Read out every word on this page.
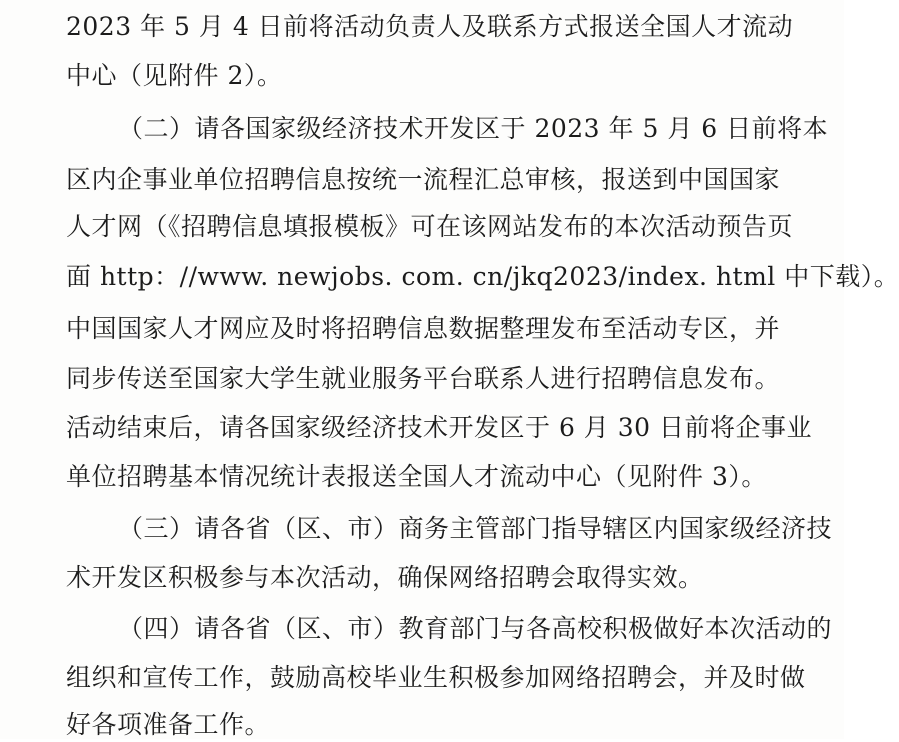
2023 年 5 月 4 日前将活动负责人及联系方式报送全国人才流动
中心（见附件 2）。
（二）请各国家级经济技术开发区于 2023 年 5 月 6 日前将本
区内企事业单位招聘信息按统一流程汇总审核，报送到中国国家
人才网（《招聘信息填报模板》可在该网站发布的本次活动预告页
面 http：//www. newjobs. com. cn/jkq2023/index. html 中下载）。
中国国家人才网应及时将招聘信息数据整理发布至活动专区，并
同步传送至国家大学生就业服务平台联系人进行招聘信息发布。
活动结束后，请各国家级经济技术开发区于 6 月 30 日前将企事业
单位招聘基本情况统计表报送全国人才流动中心（见附件 3）。
（三）请各省（区、市）商务主管部门指导辖区内国家级经济技
术开发区积极参与本次活动，确保网络招聘会取得实效。
（四）请各省（区、市）教育部门与各高校积极做好本次活动的
组织和宣传工作，鼓励高校毕业生积极参加网络招聘会，并及时做
好各项准备工作。
